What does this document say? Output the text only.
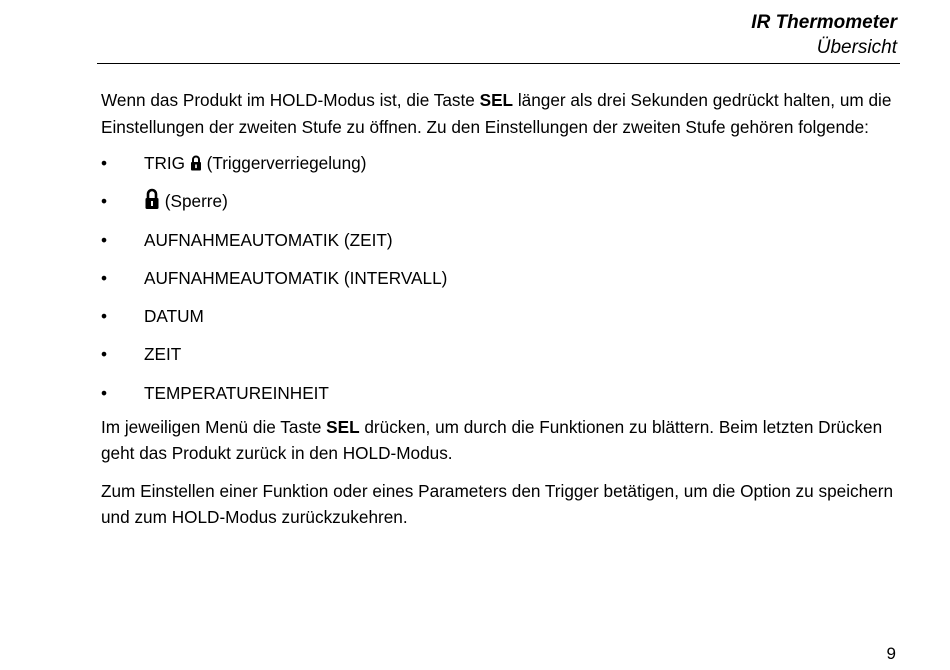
IR Thermometer
Übersicht

Wenn das Produkt im HOLD-Modus ist, die Taste SEL länger als drei Sekunden gedrückt halten, um die Einstellungen der zweiten Stufe zu öffnen. Zu den Einstellungen der zweiten Stufe gehören folgende:

• TRIG  (Triggerverriegelung)
•	(Sperre)
• AUFNAHMEAUTOMATIK (ZEIT)
• AUFNAHMEAUTOMATIK (INTERVALL)
• DATUM
• ZEIT
• TEMPERATUREINHEIT

Im jeweiligen Menü die Taste SEL drücken, um durch die Funktionen zu blättern. Beim letzten Drücken geht das Produkt zurück in den HOLD-Modus.

Zum Einstellen einer Funktion oder eines Parameters den Trigger betätigen, um die Option zu speichern und zum HOLD-Modus zurückzukehren.

9
